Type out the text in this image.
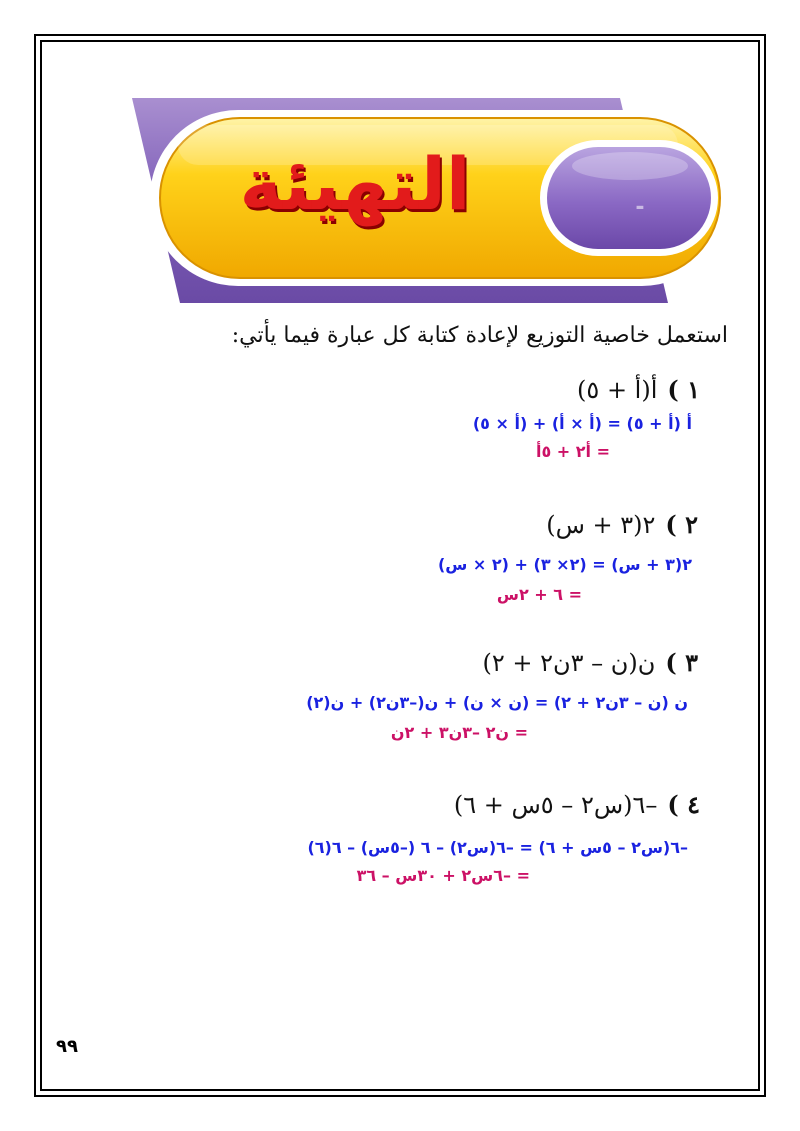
-
التهيئة
استعمل خاصية التوزيع لإعادة كتابة كل عبارة فيما يأتي:
١ )أ(أ + ٥)
أ (أ + ٥) = (أ × أ) + (أ × ٥)
= أ٢ + ٥أ
٢ )٢(٣ + س)
٢(٣ + س) = (٢× ٣) + (٢ × س)
= ٦ + ٢س
٣ )ن(ن – ٣ن٢ + ٢)
ن (ن – ٣ن٢ + ٢) = (ن × ن) + ن(–٣ن٢) + ن(٢)
= ن٢ –٣ن٣ + ٢ن
٤ )–٦(س٢ – ٥س + ٦)
–٦(س٢ – ٥س + ٦) = –٦(س٢) – ٦ (–٥س) – ٦(٦)
= –٦س٢ + ٣٠س – ٣٦
٩٩
